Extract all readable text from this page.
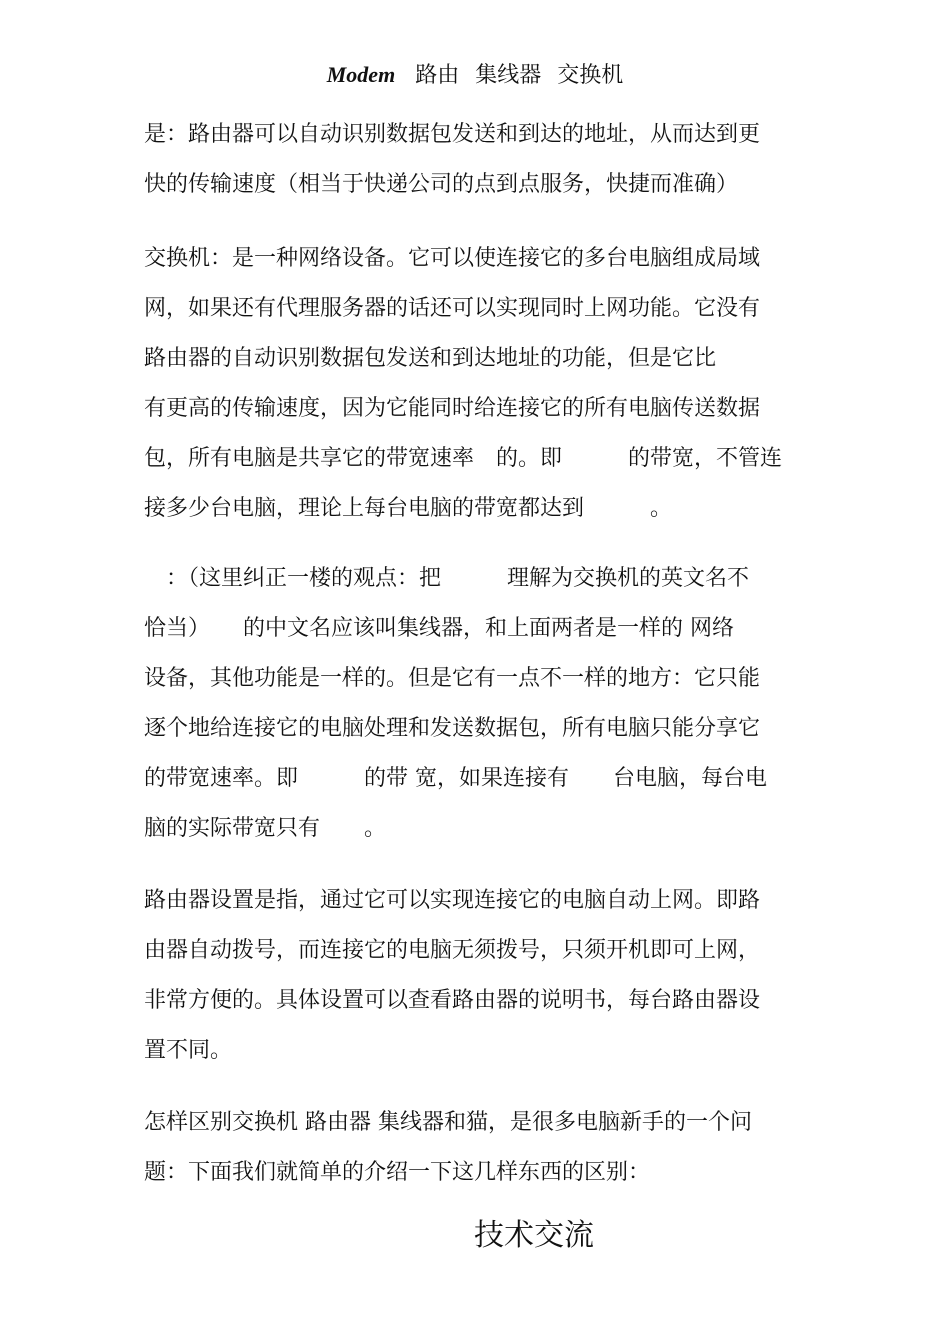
Modem 路由 集线器 交换机
是：路由器可以自动识别数据包发送和到达的地址，从而达到更
快的传输速度（相当于快递公司的点到点服务，快捷而准确）
交换机：是一种网络设备。它可以使连接它的多台电脑组成局域
网，如果还有代理服务器的话还可以实现同时上网功能。它没有
路由器的自动识别数据包发送和到达地址的功能，但是它比
有更高的传输速度，因为它能同时给连接它的所有电脑传送数据
包，所有电脑是共享它的带宽速率　的。即　　　的带宽，不管连
接多少台电脑，理论上每台电脑的带宽都达到　　　。
　：（这里纠正一楼的观点：把　　　理解为交换机的英文名不
恰当）　　的中文名应该叫集线器，和上面两者是一样的 网络
设备，其他功能是一样的。但是它有一点不一样的地方：它只能
逐个地给连接它的电脑处理和发送数据包，所有电脑只能分享它
的带宽速率。即　　　的带 宽，如果连接有　　台电脑，每台电
脑的实际带宽只有　　。
路由器设置是指，通过它可以实现连接它的电脑自动上网。即路
由器自动拨号，而连接它的电脑无须拨号，只须开机即可上网，
非常方便的。具体设置可以查看路由器的说明书，每台路由器设
置不同。
怎样区别交换机 路由器 集线器和猫，是很多电脑新手的一个问
题：下面我们就简单的介绍一下这几样东西的区别：
技术交流
